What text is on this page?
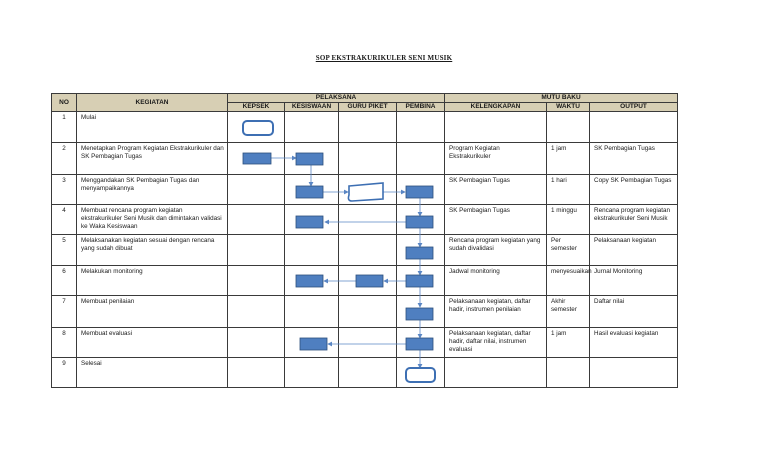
SOP EKSTRAKURIKULER SENI MUSIK
NO	KEGIATAN	PELAKSANA				MUTU BAKU		
		KEPSEK	KESISWAAN	GURU PIKET	PEMBINA	KELENGKAPAN	WAKTU	OUTPUT
1	Mulai							
2	Menetapkan Program Kegiatan Ekstrakurikuler dan SK Pembagian Tugas					Program Kegiatan Ekstrakurikuler	1 jam	SK Pembagian Tugas
3	Menggandakan SK Pembagian Tugas dan menyampaikannya					SK Pembagian Tugas	1 hari	Copy SK Pembagian Tugas
4	Membuat rencana program kegiatan ekstrakurikuler Seni Musik dan dimintakan validasi ke Waka Kesiswaan					SK Pembagian Tugas	1 minggu	Rencana program kegiatan ekstrakurikuler Seni Musik
5	Melaksanakan kegiatan sesuai dengan rencana yang sudah dibuat					Rencana program kegiatan yang sudah divalidasi	Per semester	Pelaksanaan kegiatan
6	Melakukan monitoring					Jadwal monitoring	menyesuaikan	Jurnal Monitoring
7	Membuat penilaian					Pelaksanaan kegiatan, daftar hadir, instrumen penilaian	Akhir semester	Daftar nilai
8	Membuat evaluasi					Pelaksanaan kegiatan, daftar hadir, daftar nilai, instrumen evaluasi	1 jam	Hasil evaluasi kegiatan
9	Selesai							
